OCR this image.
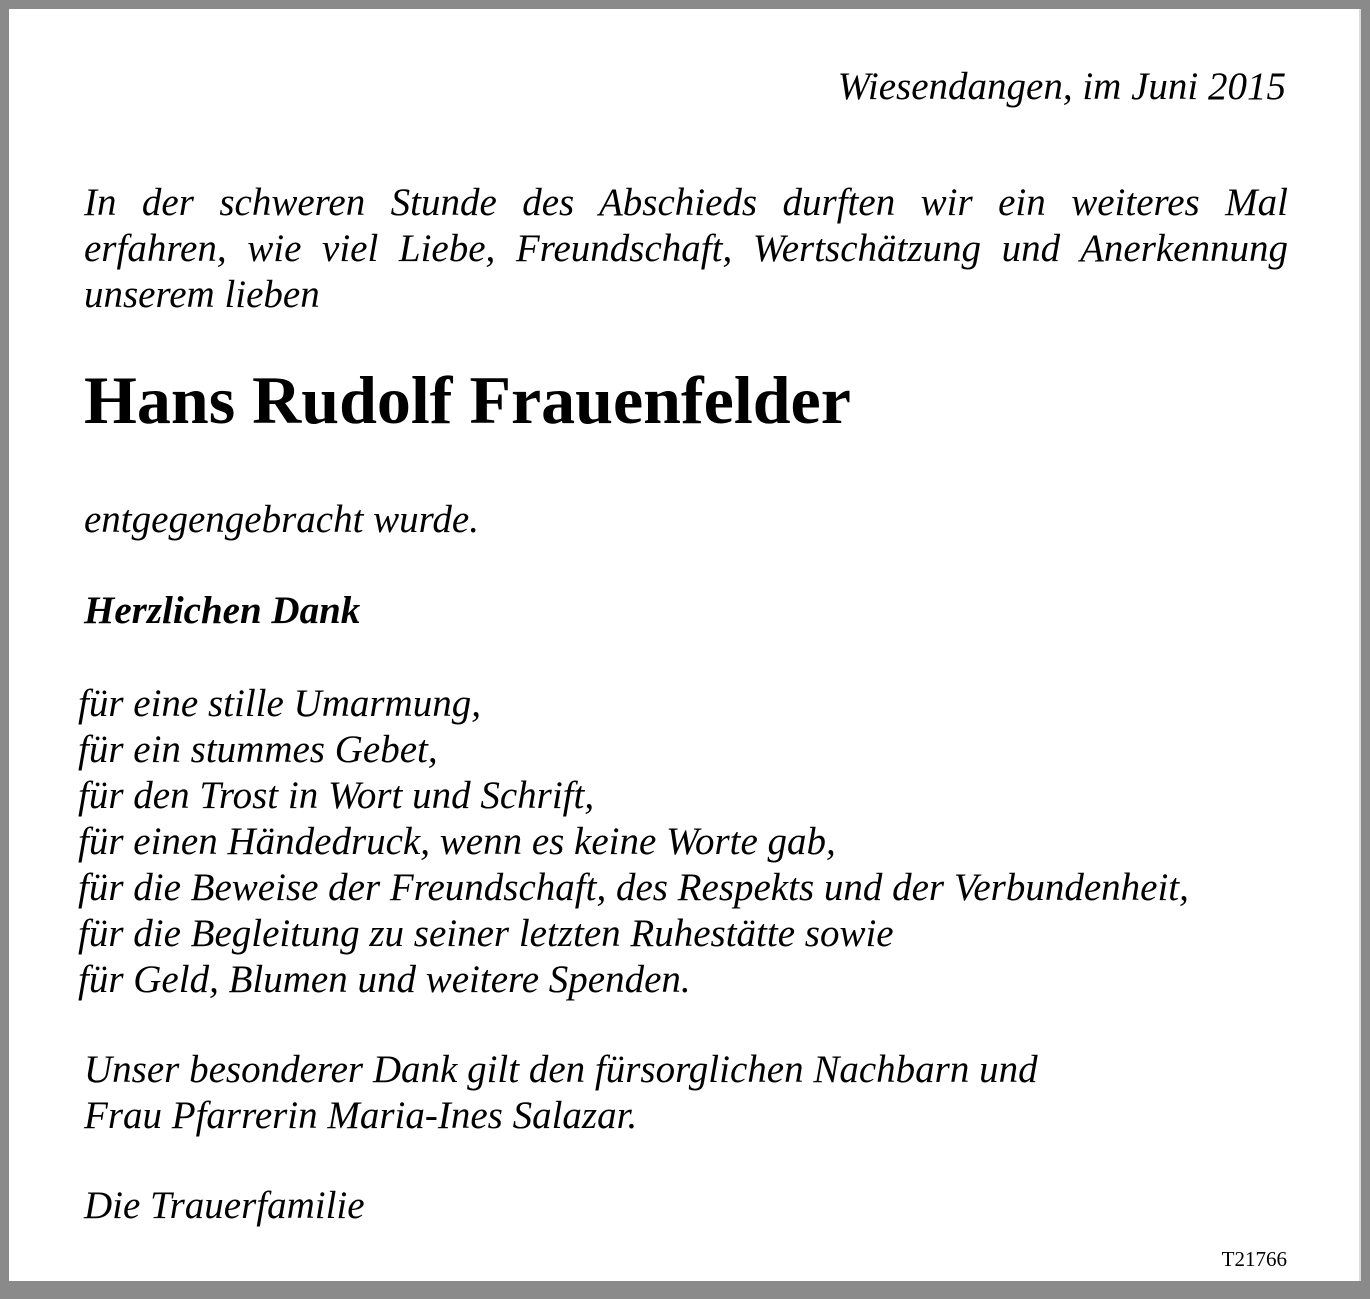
Wiesendangen, im Juni 2015
In der schweren Stunde des Abschieds durften wir ein weiteres Mal
erfahren, wie viel Liebe, Freundschaft, Wertschätzung und Anerkennung
unserem lieben
Hans Rudolf Frauenfelder
entgegengebracht wurde.
Herzlichen Dank
für eine stille Umarmung,
für ein stummes Gebet,
für den Trost in Wort und Schrift,
für einen Händedruck, wenn es keine Worte gab,
für die Beweise der Freundschaft, des Respekts und der Verbundenheit,
für die Begleitung zu seiner letzten Ruhestätte sowie
für Geld, Blumen und weitere Spenden.
Unser besonderer Dank gilt den fürsorglichen Nachbarn und
Frau Pfarrerin Maria-Ines Salazar.
Die Trauerfamilie
T21766
